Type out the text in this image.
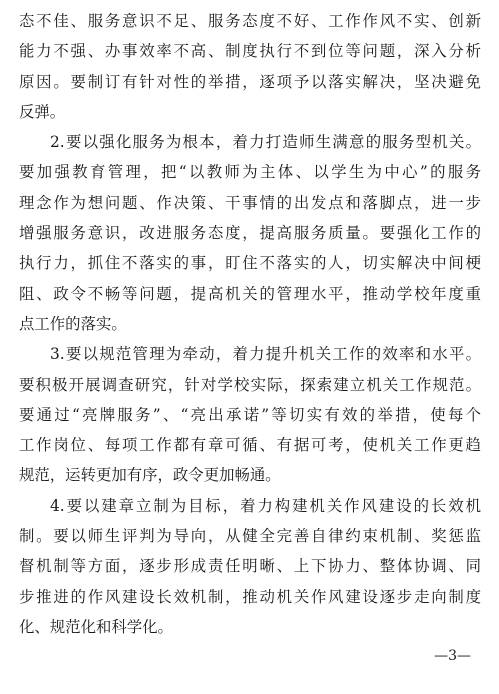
态不佳、服务意识不足、服务态度不好、工作作风不实、创新
能力不强、办事效率不高、制度执行不到位等问题，深入分析
原因。要制订有针对性的举措，逐项予以落实解决，坚决避免
反弹。
2.要以强化服务为根本，着力打造师生满意的服务型机关。
要加强教育管理，把“以教师为主体、以学生为中心”的服务
理念作为想问题、作决策、干事情的出发点和落脚点，进一步
增强服务意识，改进服务态度，提高服务质量。要强化工作的
执行力，抓住不落实的事，盯住不落实的人，切实解决中间梗
阻、政令不畅等问题，提高机关的管理水平，推动学校年度重
点工作的落实。
3.要以规范管理为牵动，着力提升机关工作的效率和水平。
要积极开展调查研究，针对学校实际，探索建立机关工作规范。
要通过“亮牌服务”、“亮出承诺”等切实有效的举措，使每个
工作岗位、每项工作都有章可循、有据可考，使机关工作更趋
规范，运转更加有序，政令更加畅通。
4.要以建章立制为目标，着力构建机关作风建设的长效机
制。要以师生评判为导向，从健全完善自律约束机制、奖惩监
督机制等方面，逐步形成责任明晰、上下协力、整体协调、同
步推进的作风建设长效机制，推动机关作风建设逐步走向制度
化、规范化和科学化。
—3—
